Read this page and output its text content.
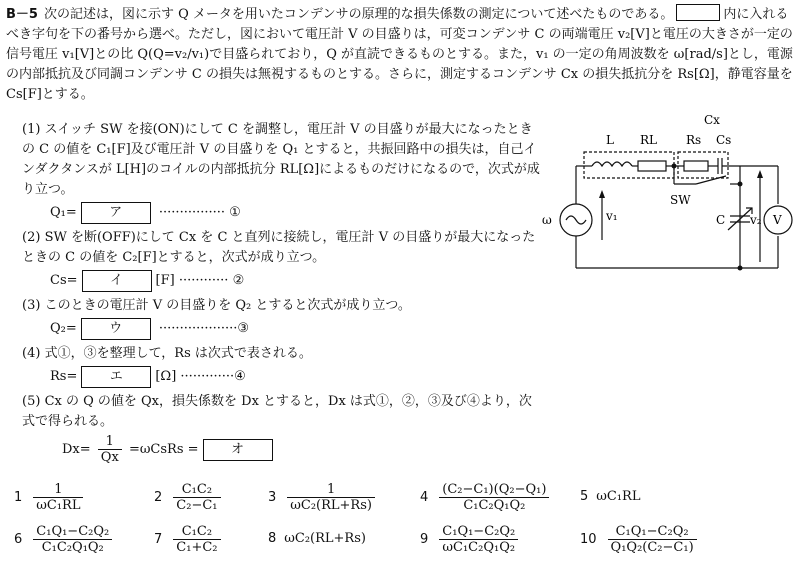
B－5 次の記述は，図に示す Q メータを用いたコンデンサの原理的な損失係数の測定について述べたものである。	内に入れるべき字句を下の番号から選べ。ただし，図において電圧計 V の目盛りは，可変コンデンサ C の両端電圧 v₂[V]と電圧の大きさが一定の信号電圧 v₁[V]との比 Q(Q=v₂/v₁)で目盛られており，Q が直読できるものとする。また，v₁ の一定の角周波数を ω[rad/s]とし，電源の内部抵抗及び同調コンデンサ C の損失は無視するものとする。さらに，測定するコンデンサ Cx の損失抵抗分を Rs[Ω]，静電容量を Cs[F]とする。
(1) スイッチ SW を接(ON)にして C を調整し，電圧計 V の目盛りが最大になったときの C の値を C₁[F]及び電圧計 V の目盛りを Q₁ とすると，共振回路中の損失は，自己インダクタンスが L[H]のコイルの内部抵抗分 RL[Ω]によるものだけになるので，次式が成り立つ。
Q₁= ア	················ ①
(2) SW を断(OFF)にして Cx を C と直列に接続し，電圧計 V の目盛りが最大になったときの C の値を C₂[F]とすると，次式が成り立つ。
Cs= イ	[F] ············ ②
(3) このときの電圧計 V の目盛りを Q₂ とすると次式が成り立つ。
Q₂= ウ	···················③
(4) 式①，③を整理して，Rs は次式で表される。
Rs= エ	[Ω] ·············④
(5) Cx の Q の値を Qx，損失係数を Dx とすると，Dx は式①，②，③及び④より，次式で得られる。
$Dx= \frac{1}{Qx}$ =ωCsRs = オ
Cx
L RL Rs Cs
SW
ω	v₁	C v₂ V
$1 \frac{1}{\text{ωC₁RL}}$	$2 \frac{\text{C₁C₂}}{\text{C₂−C₁}}$	$3 \frac{1}{\text{ωC₂(RL+Rs)}}$	$4 \frac{\text{(C₂−C₁)(Q₂−Q₁)}}{\text{C₁C₂Q₁Q₂}} 5$ ωC₁RL
$6 \frac{\text{C₁Q₁−C₂Q₂}}{\text{C₁C₂Q₁Q₂}}$	$7 \frac{\text{C₁C₂}}{\text{C₁+C₂}}$	8 ωC₂(RL+Rs)	$9 \frac{\text{C₁Q₁−C₂Q₂}}{\text{ωC₁C₂Q₁Q₂}}$	$10 \frac{\text{C₁Q₁−C₂Q₂}}{\text{Q₁Q₂(C₂−C₁)}}$
